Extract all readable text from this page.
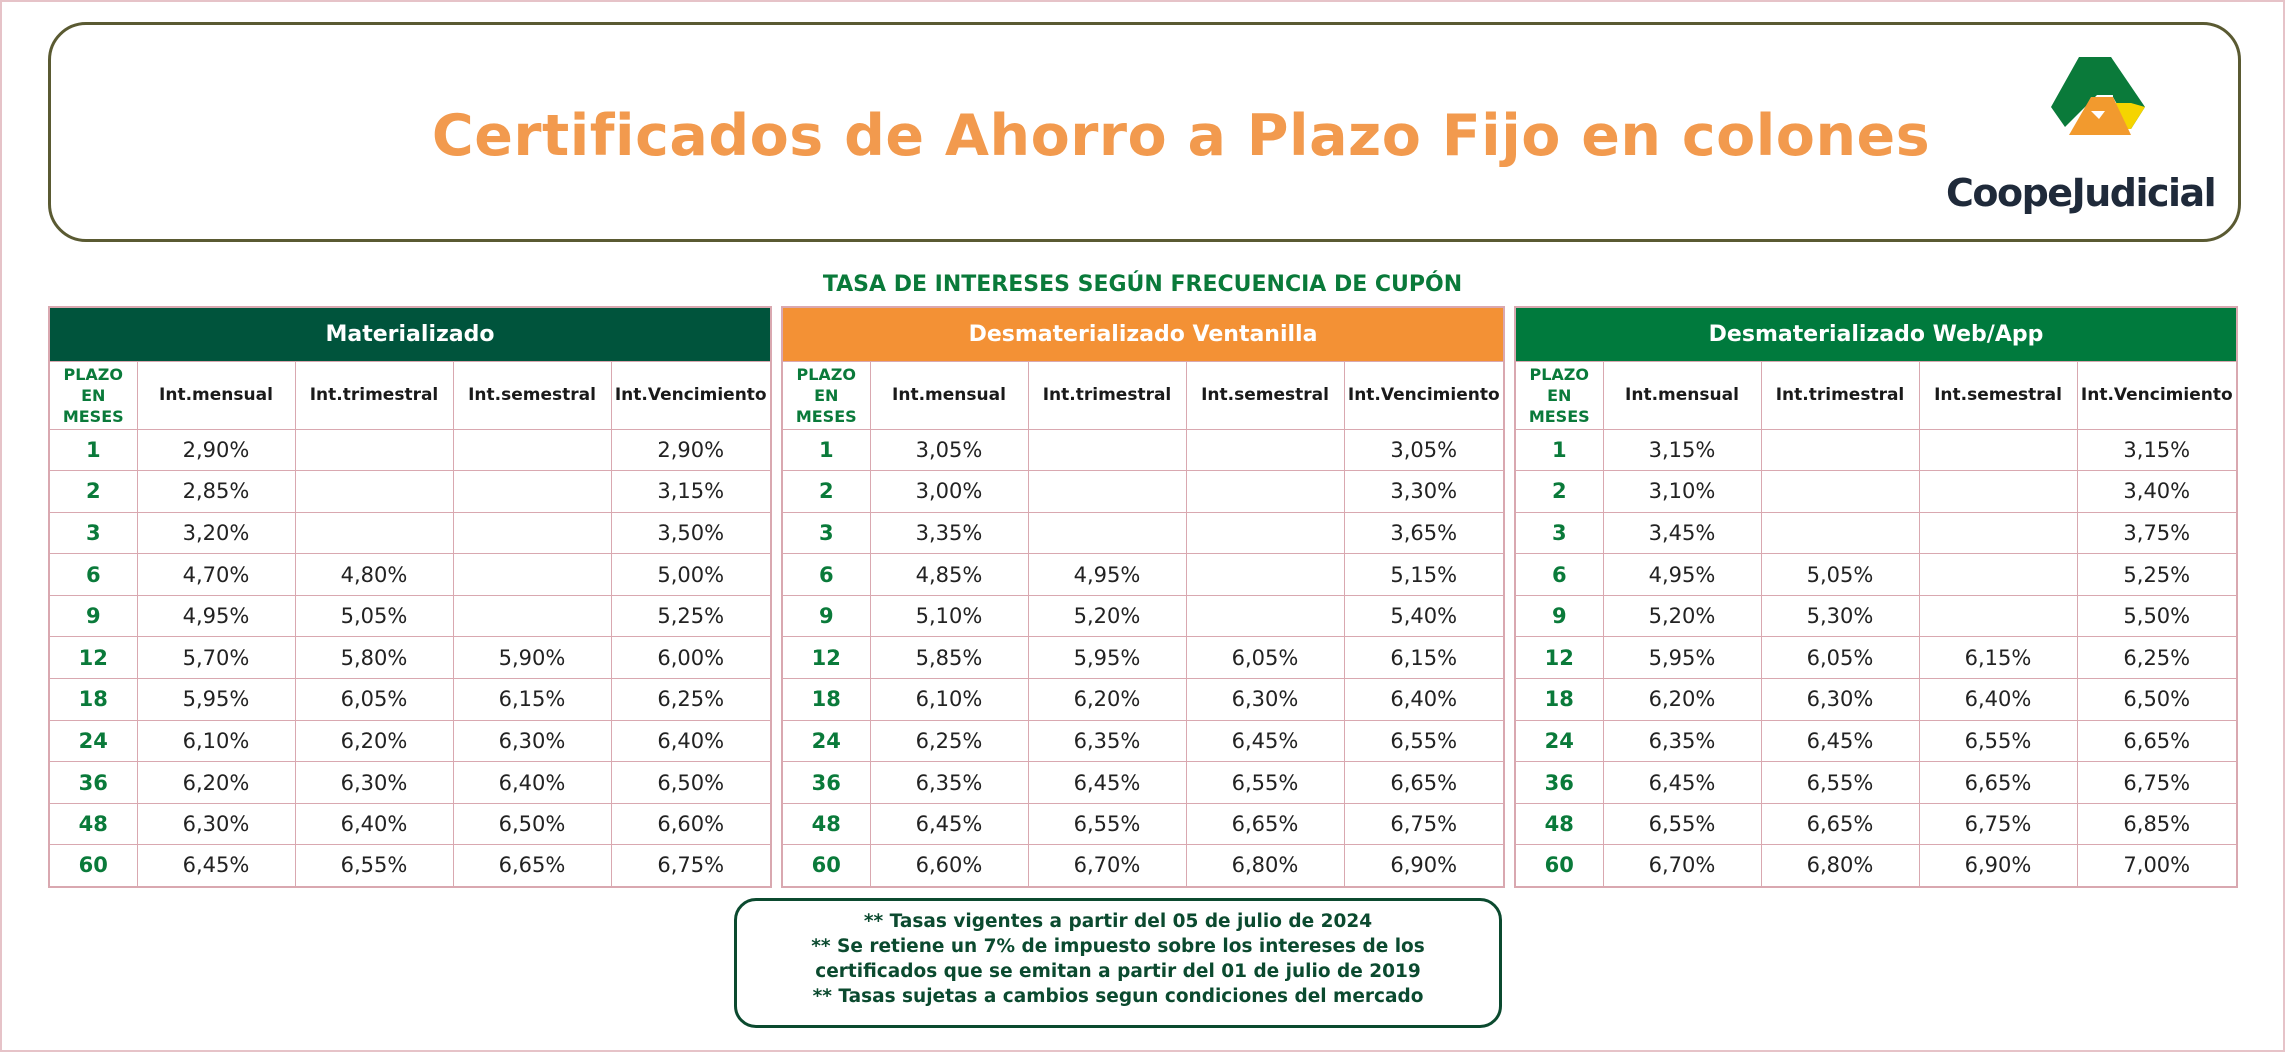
Certificados de Ahorro a Plazo Fijo en colones
CoopeJudicial
TASA DE INTERESES SEGÚN FRECUENCIA DE CUPÓN
Materializado				
PLAZO
EN MESES	Int.mensual	Int.trimestral	Int.semestral	Int.Vencimiento
1	2,90%			2,90%
2	2,85%			3,15%
3	3,20%			3,50%
6	4,70%	4,80%		5,00%
9	4,95%	5,05%		5,25%
12	5,70%	5,80%	5,90%	6,00%
18	5,95%	6,05%	6,15%	6,25%
24	6,10%	6,20%	6,30%	6,40%
36	6,20%	6,30%	6,40%	6,50%
48	6,30%	6,40%	6,50%	6,60%
60	6,45%	6,55%	6,65%	6,75%
Desmaterializado Ventanilla				
PLAZO
EN MESES	Int.mensual	Int.trimestral	Int.semestral	Int.Vencimiento
1	3,05%			3,05%
2	3,00%			3,30%
3	3,35%			3,65%
6	4,85%	4,95%		5,15%
9	5,10%	5,20%		5,40%
12	5,85%	5,95%	6,05%	6,15%
18	6,10%	6,20%	6,30%	6,40%
24	6,25%	6,35%	6,45%	6,55%
36	6,35%	6,45%	6,55%	6,65%
48	6,45%	6,55%	6,65%	6,75%
60	6,60%	6,70%	6,80%	6,90%
Desmaterializado Web/App				
PLAZO
EN MESES	Int.mensual	Int.trimestral	Int.semestral	Int.Vencimiento
1	3,15%			3,15%
2	3,10%			3,40%
3	3,45%			3,75%
6	4,95%	5,05%		5,25%
9	5,20%	5,30%		5,50%
12	5,95%	6,05%	6,15%	6,25%
18	6,20%	6,30%	6,40%	6,50%
24	6,35%	6,45%	6,55%	6,65%
36	6,45%	6,55%	6,65%	6,75%
48	6,55%	6,65%	6,75%	6,85%
60	6,70%	6,80%	6,90%	7,00%
** Tasas vigentes a partir del 05 de julio de 2024
** Se retiene un 7% de impuesto sobre los intereses de los
certificados que se emitan a partir del 01 de julio de 2019
** Tasas sujetas a cambios segun condiciones del mercado
